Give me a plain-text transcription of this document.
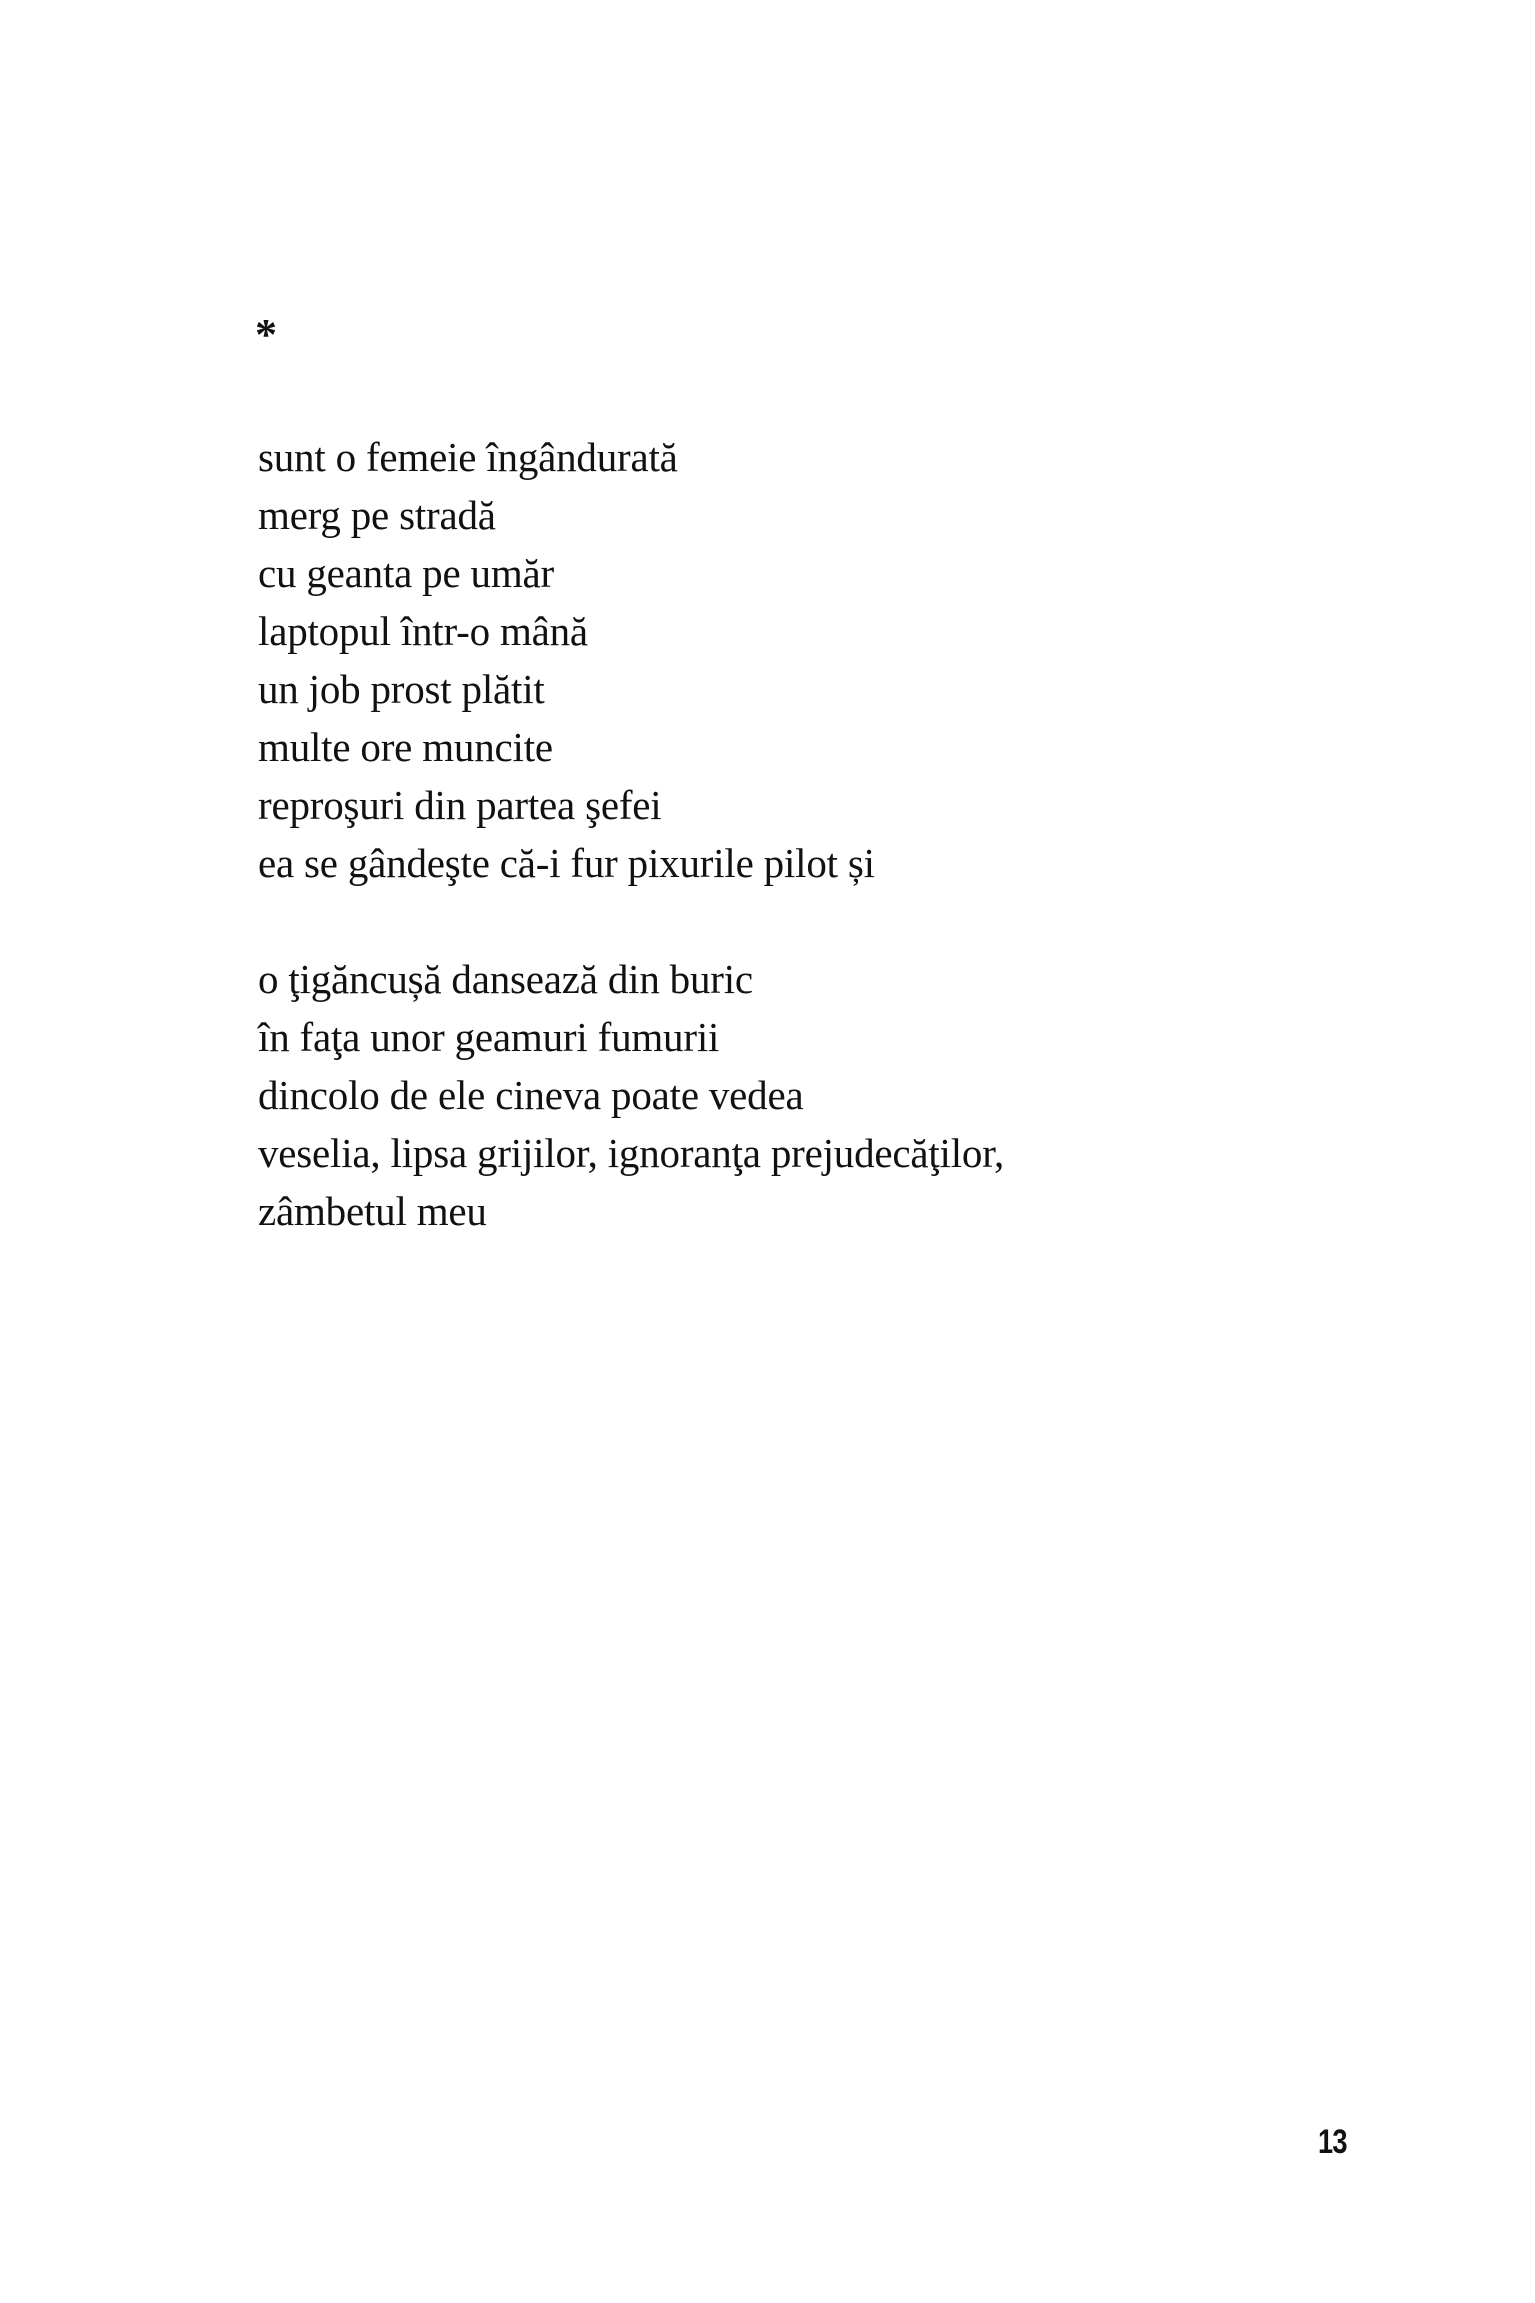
*
sunt o femeie îngândurată
merg pe stradă
cu geanta pe umăr
laptopul într-o mână
un job prost plătit
multe ore muncite
reproşuri din partea şefei
ea se gândeşte că-i fur pixurile pilot și
o ţigăncușă dansează din buric
în faţa unor geamuri fumurii
dincolo de ele cineva poate vedea
veselia, lipsa grijilor, ignoranţa prejudecăţilor,
zâmbetul meu
13
